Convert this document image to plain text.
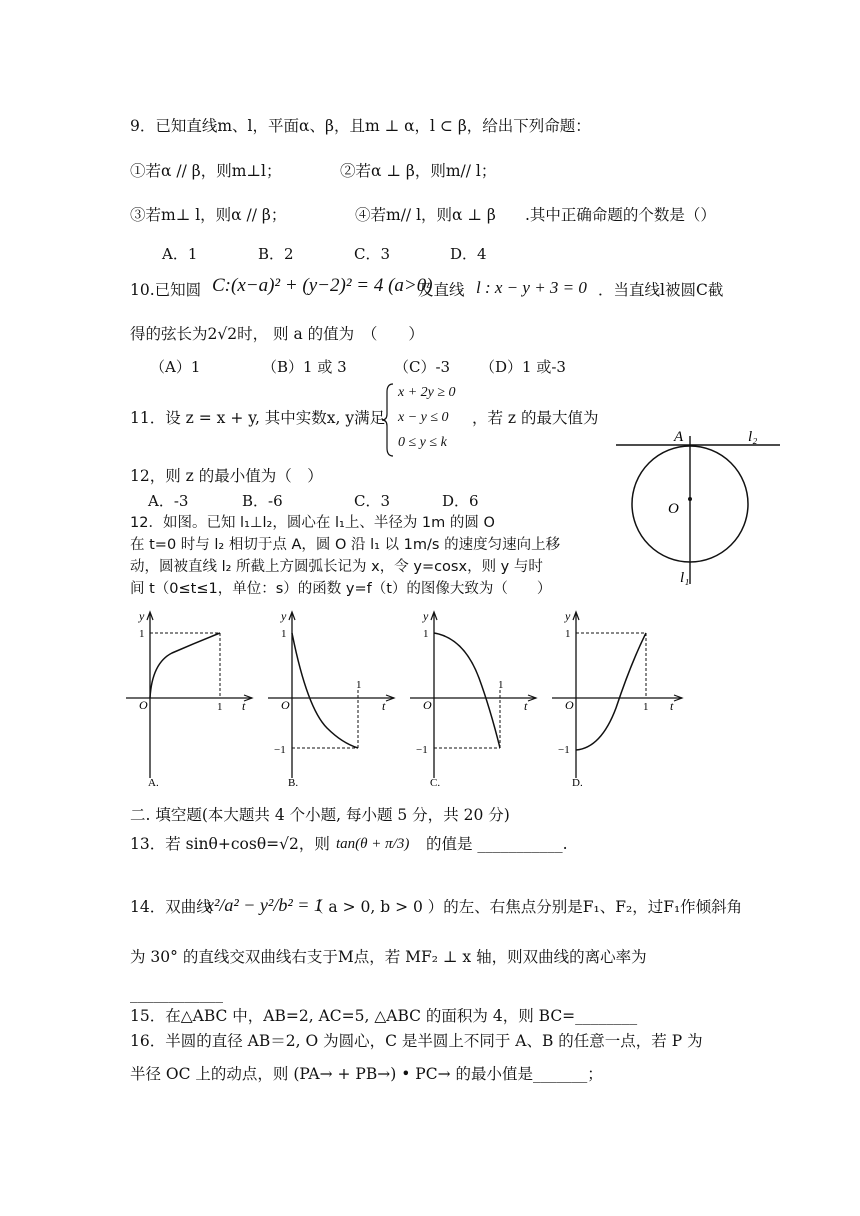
9．已知直线m、l，平面α、β，且m ⊥ α，l ⊂ β，给出下列命题：
①若α // β，则m⊥l；	②若α ⊥ β，则m// l；
③若m⊥ l，则α // β；	④若m// l，则α ⊥ β .其中正确命题的个数是（）
A．1	B．2	C．3	D．4
10.已知圆 C:(x−a)² + (y−2)² = 4 (a>0)
及直线 l : x − y + 3 = 0 ．当直线l被圆C截
得的弦长为2√2时， 则 a 的值为　（　　）
（A）1	（B）1 或 3	（C）-3 （D）1 或-3
11．设 z = x + y, 其中实数x, y满足
x + 2y ≥ 0
x − y ≤ 0
0 ≤ y ≤ k
，若 z 的最大值为
12，则 z 的最小值为（　）
A．-3	B．-6	C．3	D．6
A	l₂
O
l₁
12．如图。已知 l₁⊥l₂，圆心在 l₁上、半径为 1m 的圆 O
在 t=0 时与 l₂ 相切于点 A，圆 O 沿 l₁ 以 1m/s 的速度匀速向上移
动，圆被直线 l₂ 所截上方圆弧长记为 x，令 y=cosx，则 y 与时
间 t（0≤t≤1，单位：s）的函数 y=f（t）的图像大致为（　　）
y
1
O	1 t
A.
y
1
O
1
t
−1
B.
y
1
O
1
t
−1
C.
y
1
O	1 t
−1
D.
二. 填空题(本大题共 4 个小题, 每小题 5 分，共 20 分)
13．若 sinθ+cosθ=√2，则 tan(θ + π/3) 的值是 ___________.
14．双曲线
x²/a² − y²/b² = 1
（ a > 0, b > 0 ）的左、右焦点分别是F₁、F₂，过F₁作倾斜角
为 30° 的直线交双曲线右支于M点，若 MF₂ ⊥ x 轴，则双曲线的离心率为
____________
15．在△ABC 中，AB=2, AC=5, △ABC 的面积为 4，则 BC=________
16．半圆的直径 AB＝2, O 为圆心，C 是半圆上不同于 A、B 的任意一点，若 P 为
半径 OC 上的动点，则 (PA→ + PB→) • PC→ 的最小值是_______；
